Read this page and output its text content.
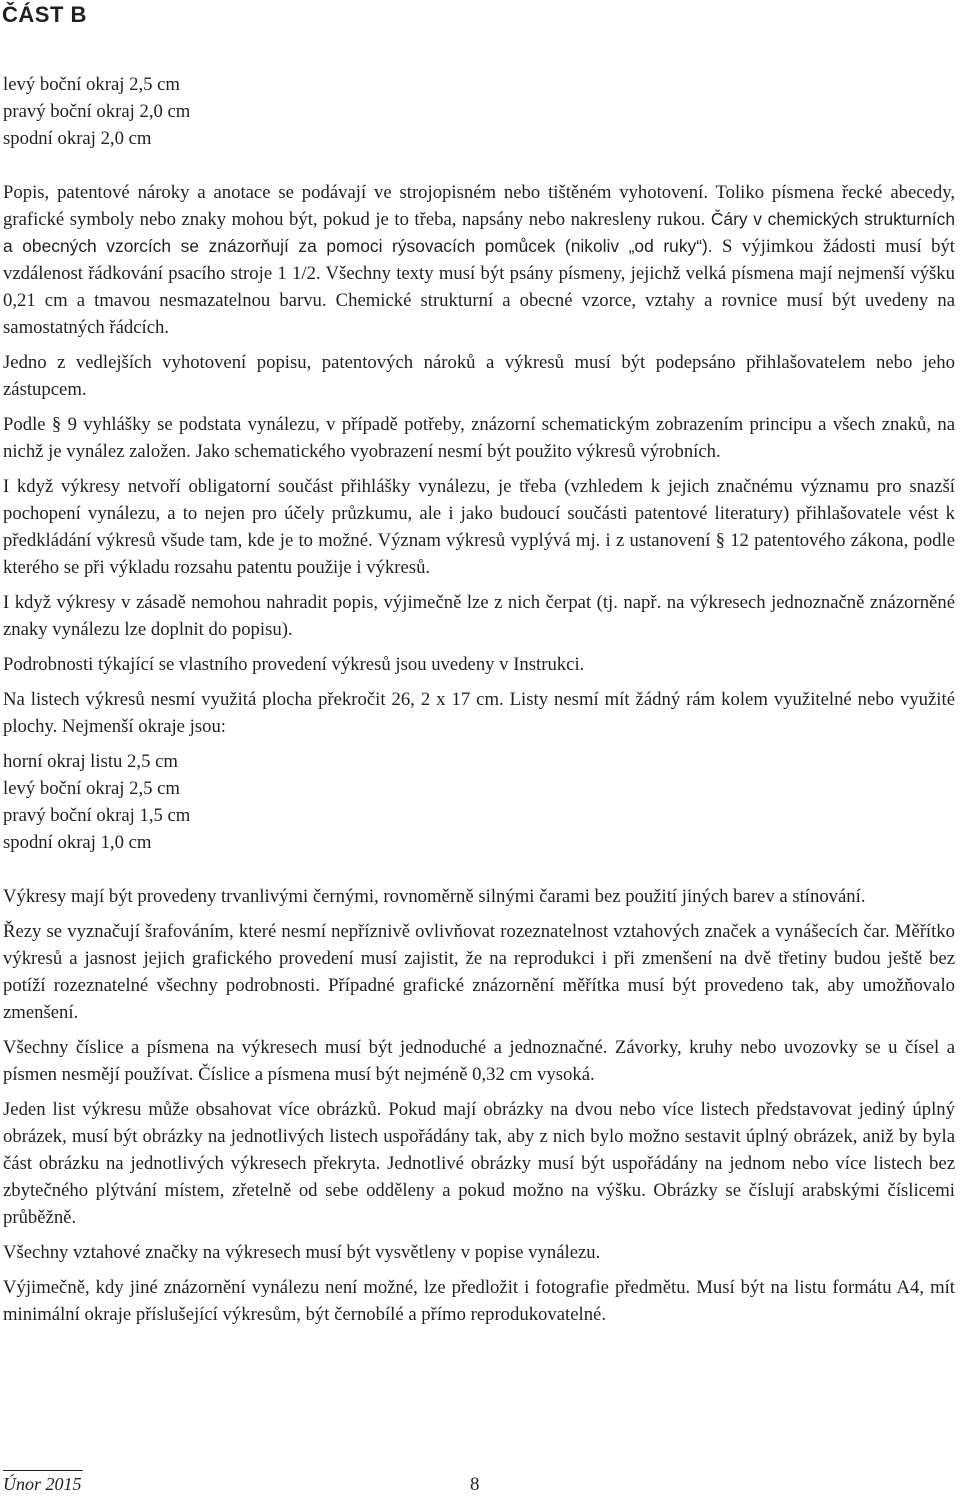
ČÁST B
levý boční okraj 2,5 cm
pravý boční okraj 2,0 cm
spodní okraj 2,0 cm

Popis, patentové nároky a anotace se podávají ve strojopisném nebo tištěném vyhotovení. Toliko písmena řecké abecedy, grafické symboly nebo znaky mohou být, pokud je to třeba, napsány nebo nakresleny rukou. Čáry v chemických strukturních a obecných vzorcích se znázorňují za pomoci rýsovacích pomůcek (nikoliv „od ruky“). S výjimkou žádosti musí být vzdálenost řádkování psacího stroje 1 1/2. Všechny texty musí být psány písmeny, jejichž velká písmena mají nejmenší výšku 0,21 cm a tmavou nesmazatelnou barvu. Chemické strukturní a obecné vzorce, vztahy a rovnice musí být uvedeny na samostatných řádcích.

Jedno z vedlejších vyhotovení popisu, patentových nároků a výkresů musí být podepsáno přihlašovatelem nebo jeho zástupcem.

Podle § 9 vyhlášky se podstata vynálezu, v případě potřeby, znázorní schematickým zobrazením principu a všech znaků, na nichž je vynález založen. Jako schematického vyobrazení nesmí být použito výkresů výrobních.

I když výkresy netvoří obligatorní součást přihlášky vynálezu, je třeba (vzhledem k jejich značnému významu pro snazší pochopení vynálezu, a to nejen pro účely průzkumu, ale i jako budoucí součásti patentové literatury) přihlašovatele vést k předkládání výkresů všude tam, kde je to možné. Význam výkresů vyplývá mj. i z ustanovení § 12 patentového zákona, podle kterého se při výkladu rozsahu patentu použije i výkresů.

I když výkresy v zásadě nemohou nahradit popis, výjimečně lze z nich čerpat (tj. např. na výkresech jednoznačně znázorněné znaky vynálezu lze doplnit do popisu).

Podrobnosti týkající se vlastního provedení výkresů jsou uvedeny v Instrukci.

Na listech výkresů nesmí využitá plocha překročit 26, 2 x 17 cm. Listy nesmí mít žádný rám kolem využitelné nebo využité plochy. Nejmenší okraje jsou:

horní okraj listu 2,5 cm
levý boční okraj 2,5 cm
pravý boční okraj 1,5 cm
spodní okraj 1,0 cm

Výkresy mají být provedeny trvanlivými černými, rovnoměrně silnými čarami bez použití jiných barev a stínování.

Řezy se vyznačují šrafováním, které nesmí nepříznivě ovlivňovat rozeznatelnost vztahových značek a vynášecích čar. Měřítko výkresů a jasnost jejich grafického provedení musí zajistit, že na reprodukci i při zmenšení na dvě třetiny budou ještě bez potíží rozeznatelné všechny podrobnosti. Případné grafické znázornění měřítka musí být provedeno tak, aby umožňovalo zmenšení.

Všechny číslice a písmena na výkresech musí být jednoduché a jednoznačné. Závorky, kruhy nebo uvozovky se u čísel a písmen nesmějí používat. Číslice a písmena musí být nejméně 0,32 cm vysoká.

Jeden list výkresu může obsahovat více obrázků. Pokud mají obrázky na dvou nebo více listech představovat jediný úplný obrázek, musí být obrázky na jednotlivých listech uspořádány tak, aby z nich bylo možno sestavit úplný obrázek, aniž by byla část obrázku na jednotlivých výkresech překryta. Jednotlivé obrázky musí být uspořádány na jednom nebo více listech bez zbytečného plýtvání místem, zřetelně od sebe odděleny a pokud možno na výšku. Obrázky se číslují arabskými číslicemi průběžně.

Všechny vztahové značky na výkresech musí být vysvětleny v popise vynálezu.

Výjimečně, kdy jiné znázornění vynálezu není možné, lze předložit i fotografie předmětu. Musí být na listu formátu A4, mít minimální okraje příslušející výkresům, být černobílé a přímo reprodukovatelné.

Únor 2015	8
